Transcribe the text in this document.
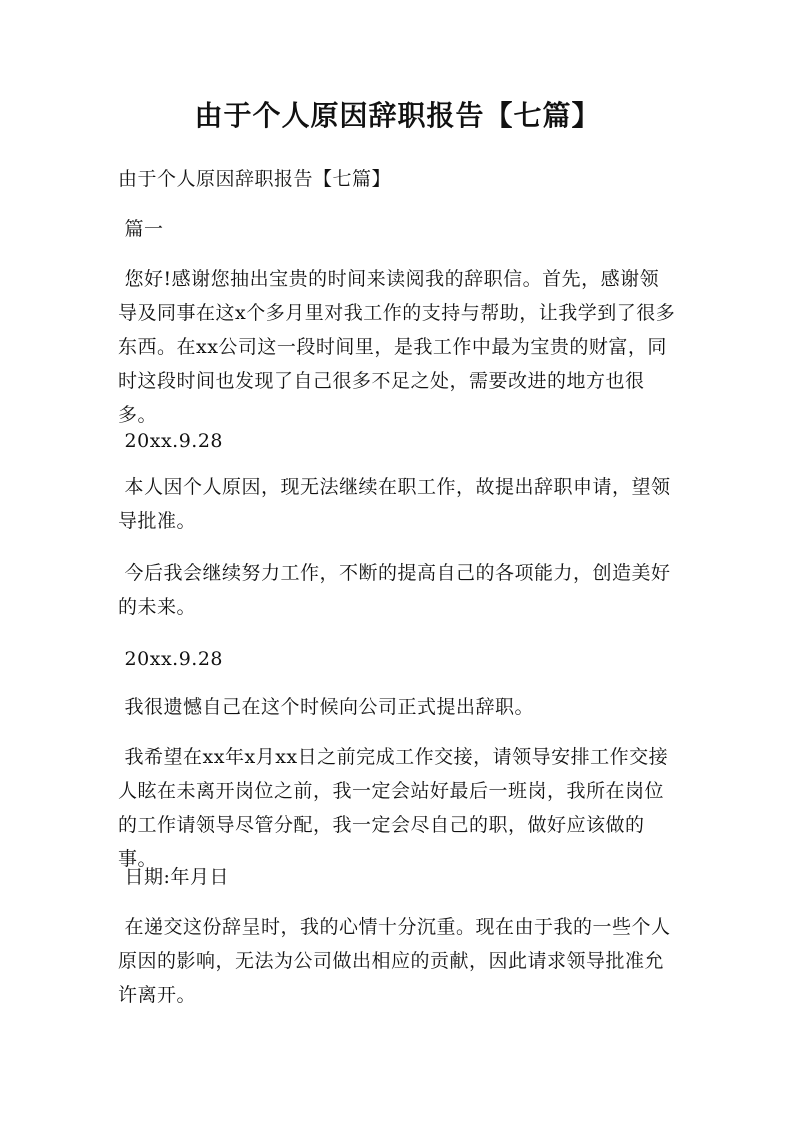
由于个人原因辞职报告【七篇】

由于个人原因辞职报告【七篇】

篇一

您好!感谢您抽出宝贵的时间来读阅我的辞职信。首先，感谢领导及同事在这x个多月里对我工作的支持与帮助，让我学到了很多东西。在xx公司这一段时间里，是我工作中最为宝贵的财富，同时这段时间也发现了自己很多不足之处，需要改进的地方也很多。

20xx.9.28

本人因个人原因，现无法继续在职工作，故提出辞职申请，望领导批准。

今后我会继续努力工作，不断的提高自己的各项能力，创造美好的未来。

20xx.9.28

我很遗憾自己在这个时候向公司正式提出辞职。

我希望在xx年x月xx日之前完成工作交接，请领导安排工作交接人眩在未离开岗位之前，我一定会站好最后一班岗，我所在岗位的工作请领导尽管分配，我一定会尽自己的职，做好应该做的事。

日期:年月日

在递交这份辞呈时，我的心情十分沉重。现在由于我的一些个人原因的影响，无法为公司做出相应的贡献，因此请求领导批准允许离开。
